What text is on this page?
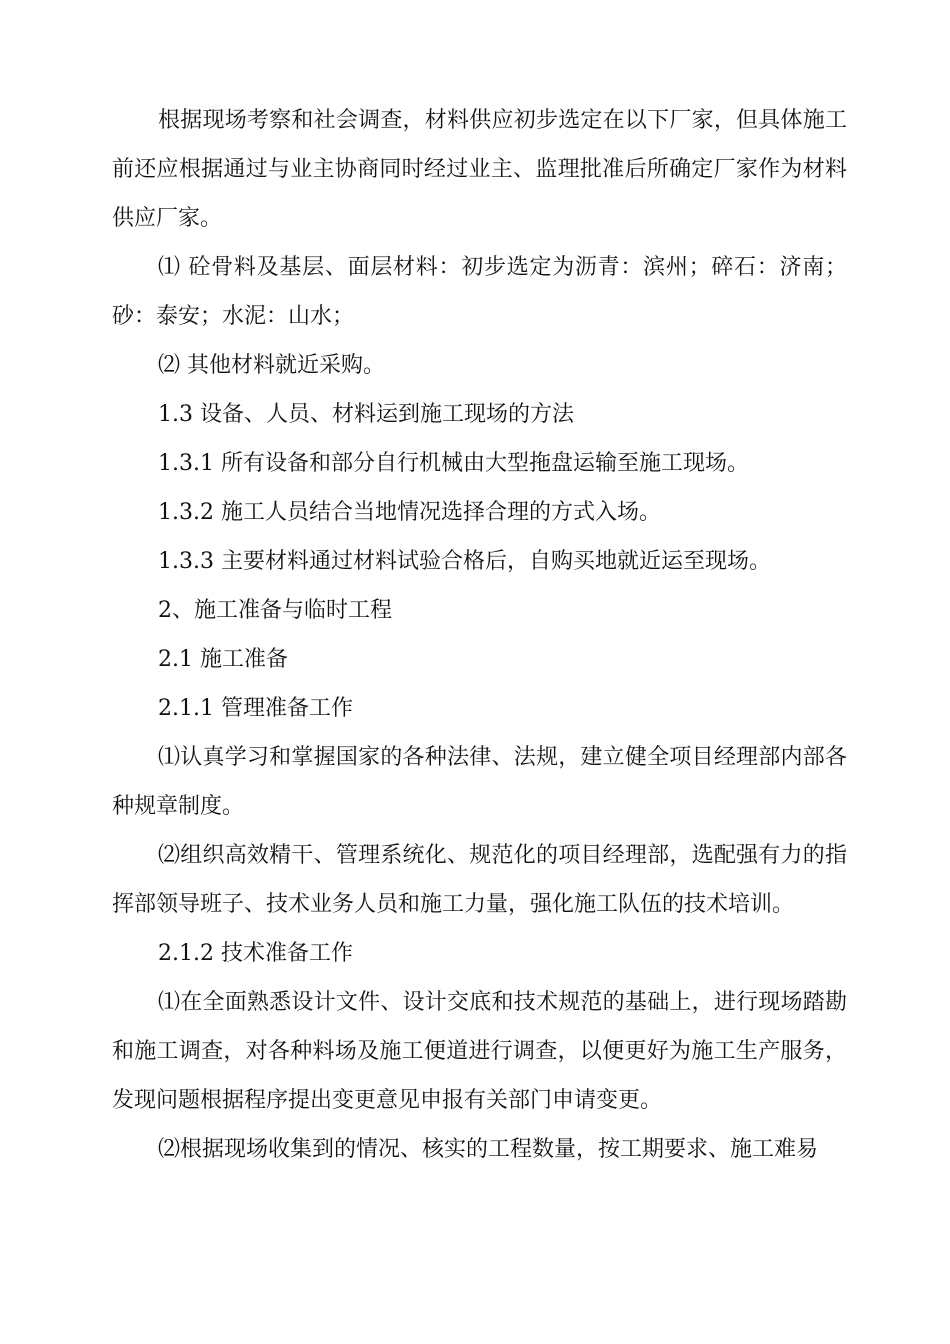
根据现场考察和社会调查，材料供应初步选定在以下厂家，但具体施工前还应根据通过与业主协商同时经过业主、监理批准后所确定厂家作为材料供应厂家。

⑴ 砼骨料及基层、面层材料：初步选定为沥青：滨州；碎石：济南；砂：泰安；水泥：山水；

⑵ 其他材料就近采购。

1.3 设备、人员、材料运到施工现场的方法

1.3.1 所有设备和部分自行机械由大型拖盘运输至施工现场。

1.3.2 施工人员结合当地情况选择合理的方式入场。

1.3.3 主要材料通过材料试验合格后，自购买地就近运至现场。

2、施工准备与临时工程

2.1 施工准备

2.1.1 管理准备工作

⑴认真学习和掌握国家的各种法律、法规，建立健全项目经理部内部各种规章制度。

⑵组织高效精干、管理系统化、规范化的项目经理部，选配强有力的指挥部领导班子、技术业务人员和施工力量，强化施工队伍的技术培训。

2.1.2 技术准备工作

⑴在全面熟悉设计文件、设计交底和技术规范的基础上，进行现场踏勘和施工调查，对各种料场及施工便道进行调查，以便更好为施工生产服务，发现问题根据程序提出变更意见申报有关部门申请变更。

⑵根据现场收集到的情况、核实的工程数量，按工期要求、施工难易
